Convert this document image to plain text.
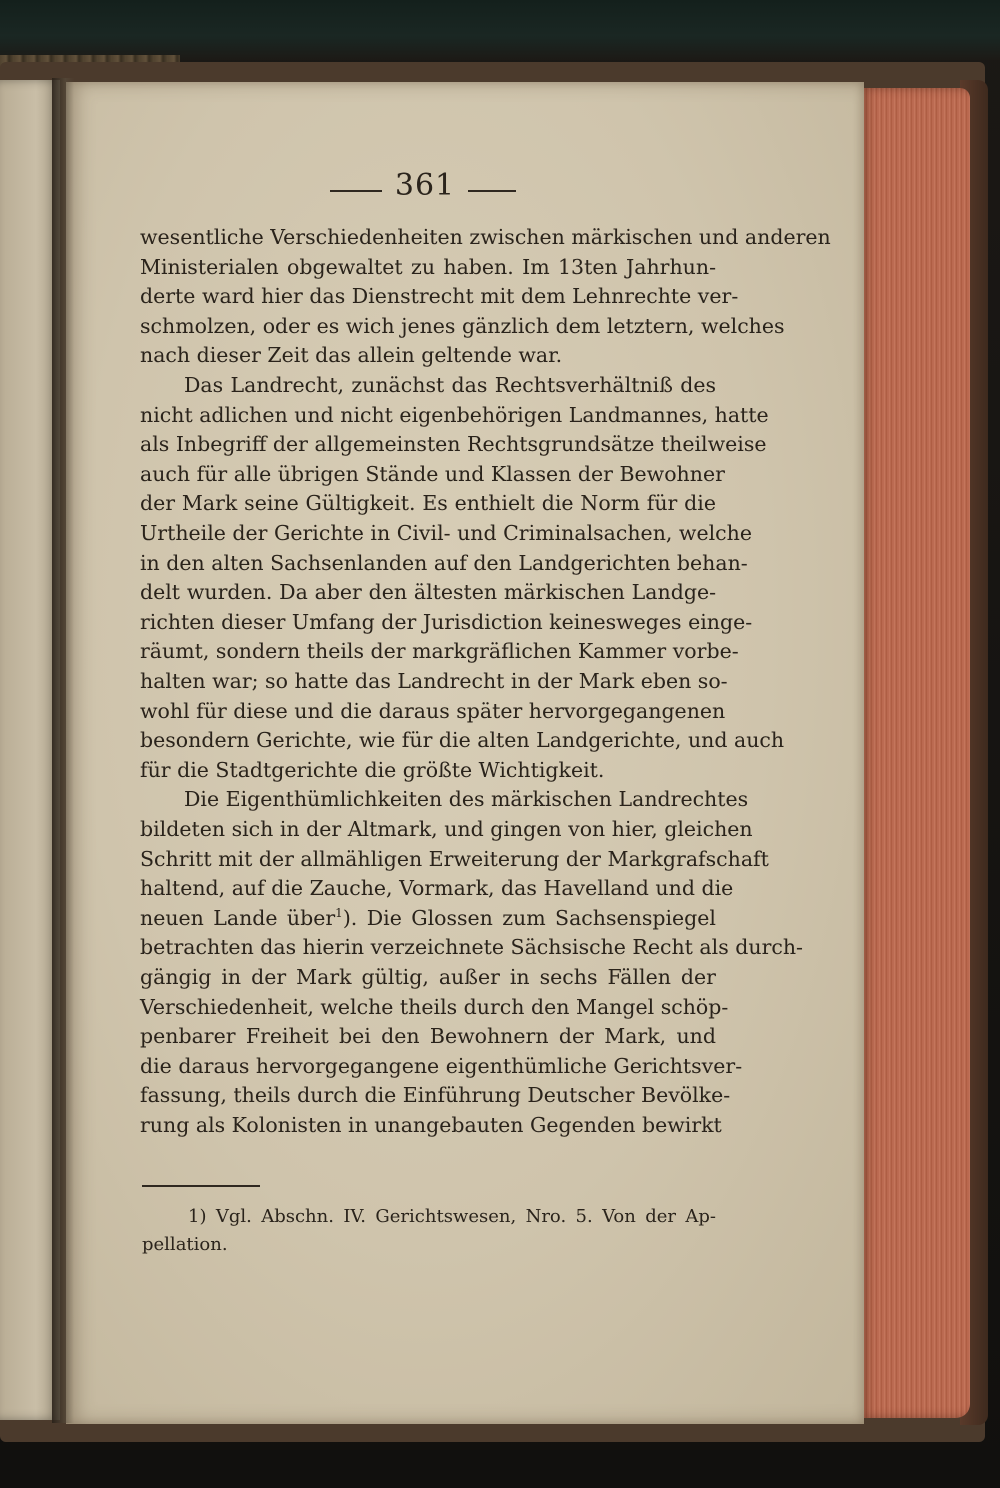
361
wesentliche Verschiedenheiten zwischen märkischen und anderen
Ministerialen obgewaltet zu haben. Im 13ten Jahrhun-
derte ward hier das Dienstrecht mit dem Lehnrechte ver-
schmolzen, oder es wich jenes gänzlich dem letztern, welches
nach dieser Zeit das allein geltende war.
Das Landrecht, zunächst das Rechtsverhältniß des
nicht adlichen und nicht eigenbehörigen Landmannes, hatte
als Inbegriff der allgemeinsten Rechtsgrundsätze theilweise
auch für alle übrigen Stände und Klassen der Bewohner
der Mark seine Gültigkeit. Es enthielt die Norm für die
Urtheile der Gerichte in Civil- und Criminalsachen, welche
in den alten Sachsenlanden auf den Landgerichten behan-
delt wurden. Da aber den ältesten märkischen Landge-
richten dieser Umfang der Jurisdiction keinesweges einge-
räumt, sondern theils der markgräflichen Kammer vorbe-
halten war; so hatte das Landrecht in der Mark eben so-
wohl für diese und die daraus später hervorgegangenen
besondern Gerichte, wie für die alten Landgerichte, und auch
für die Stadtgerichte die größte Wichtigkeit.
Die Eigenthümlichkeiten des märkischen Landrechtes
bildeten sich in der Altmark, und gingen von hier, gleichen
Schritt mit der allmähligen Erweiterung der Markgrafschaft
haltend, auf die Zauche, Vormark, das Havelland und die
neuen Lande über$^1$). Die Glossen zum Sachsenspiegel
betrachten das hierin verzeichnete Sächsische Recht als durch-
gängig in der Mark gültig, außer in sechs Fällen der
Verschiedenheit, welche theils durch den Mangel schöp-
penbarer Freiheit bei den Bewohnern der Mark, und
die daraus hervorgegangene eigenthümliche Gerichtsver-
fassung, theils durch die Einführung Deutscher Bevölke-
rung als Kolonisten in unangebauten Gegenden bewirkt
1) Vgl. Abschn. IV. Gerichtswesen, Nro. 5. Von der Ap-
pellation.
